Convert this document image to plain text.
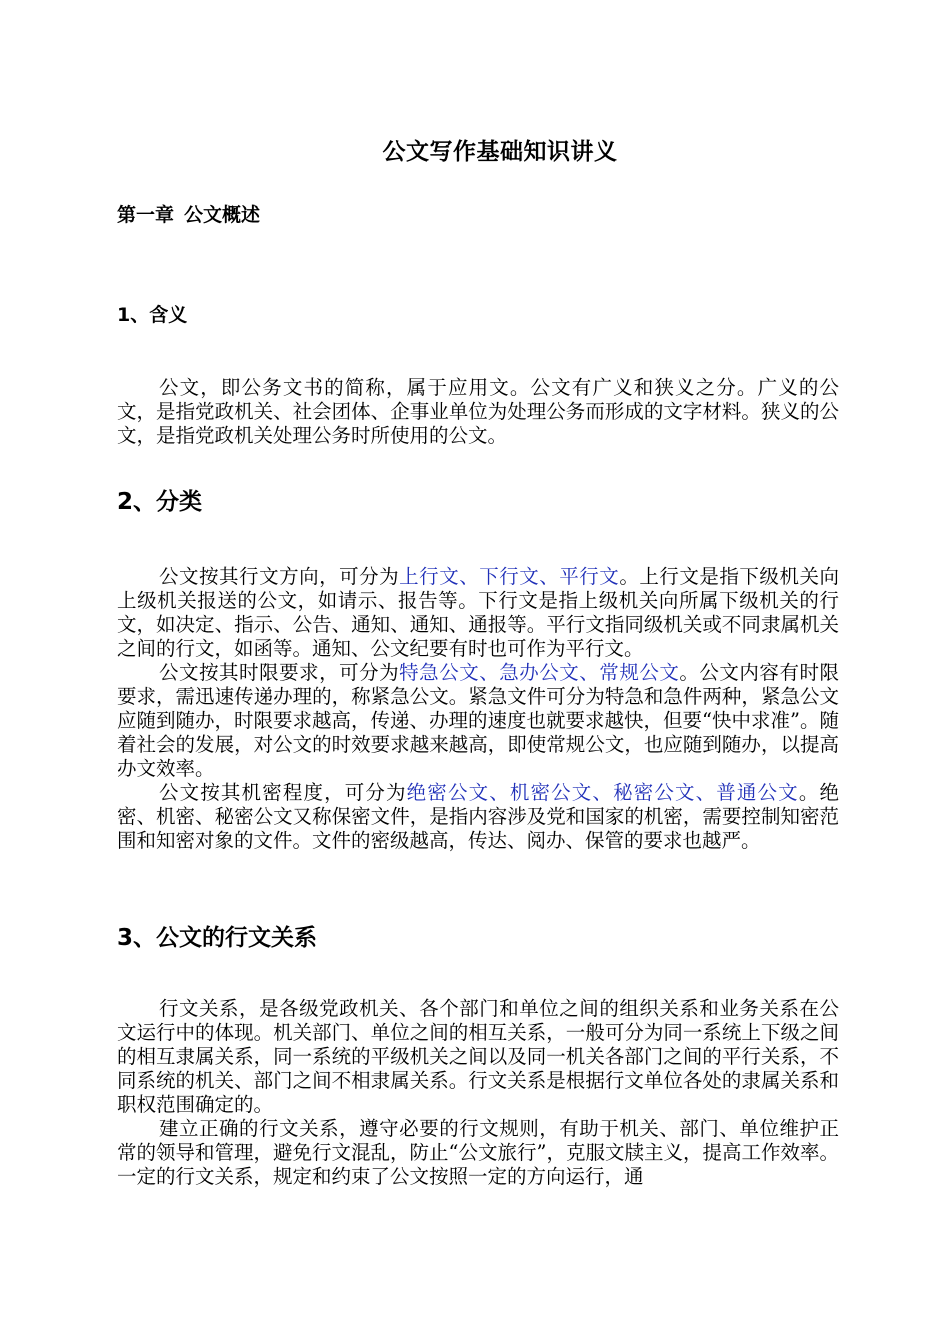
公文写作基础知识讲义
第一章 公文概述
1、含义

公文，即公务文书的简称，属于应用文。公文有广义和狭义之分。广义的公文，是指党政机关、社会团体、企事业单位为处理公务而形成的文字材料。狭义的公文，是指党政机关处理公务时所使用的公文。

2、分类

公文按其行文方向，可分为上行文、下行文、平行文。上行文是指下级机关向上级机关报送的公文，如请示、报告等。下行文是指上级机关向所属下级机关的行文，如决定、指示、公告、通知、通知、通报等。平行文指同级机关或不同隶属机关之间的行文，如函等。通知、公文纪要有时也可作为平行文。

公文按其时限要求，可分为特急公文、急办公文、常规公文。公文内容有时限要求，需迅速传递办理的，称紧急公文。紧急文件可分为特急和急件两种，紧急公文应随到随办，时限要求越高，传递、办理的速度也就要求越快，但要“快中求准”。随着社会的发展，对公文的时效要求越来越高，即使常规公文，也应随到随办，以提高办文效率。

公文按其机密程度，可分为绝密公文、机密公文、秘密公文、普通公文。绝密、机密、秘密公文又称保密文件，是指内容涉及党和国家的机密，需要控制知密范围和知密对象的文件。文件的密级越高，传达、阅办、保管的要求也越严。

3、公文的行文关系

行文关系，是各级党政机关、各个部门和单位之间的组织关系和业务关系在公文运行中的体现。机关部门、单位之间的相互关系，一般可分为同一系统上下级之间的相互隶属关系，同一系统的平级机关之间以及同一机关各部门之间的平行关系，不同系统的机关、部门之间不相隶属关系。行文关系是根据行文单位各处的隶属关系和职权范围确定的。

建立正确的行文关系，遵守必要的行文规则，有助于机关、部门、单位维护正常的领导和管理，避免行文混乱，防止“公文旅行”，克服文牍主义，提高工作效率。一定的行文关系，规定和约束了公文按照一定的方向运行，通
